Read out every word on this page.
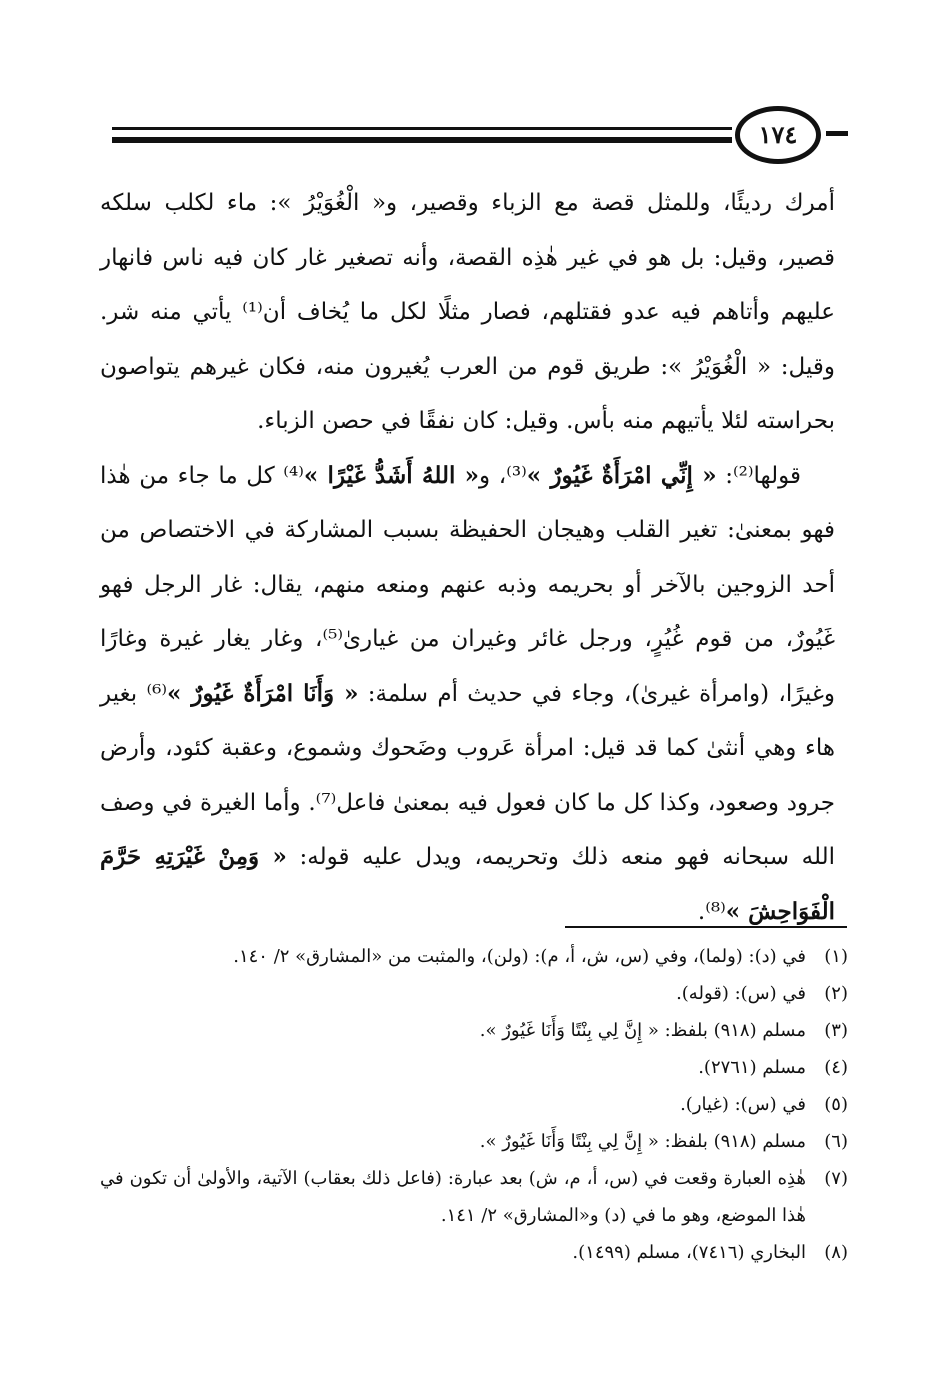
١٧٤

أمرك رديئًا، وللمثل قصة مع الزباء وقصير، و« الْغُوَيْرُ »: ماء لكلب سلكه قصير، وقيل: بل هو في غير هٰذِه القصة، وأنه تصغير غار كان فيه ناس فانهار عليهم وأتاهم فيه عدو فقتلهم، فصار مثلًا لكل ما يُخاف أن⁽¹⁾ يأتي منه شر. وقيل: « الْغُوَيْرُ »: طريق قوم من العرب يُغيرون منه، فكان غيرهم يتواصون بحراسته لئلا يأتيهم منه بأس. وقيل: كان نفقًا في حصن الزباء.

قولها⁽²⁾: « إِنِّي امْرَأَةٌ غَيُورٌ »⁽³⁾، و« اللهُ أَشَدُّ غَيْرًا »⁽⁴⁾ كل ما جاء من هٰذا فهو بمعنىٰ: تغير القلب وهيجان الحفيظة بسبب المشاركة في الاختصاص من أحد الزوجين بالآخر أو بحريمه وذبه عنهم ومنعه منهم، يقال: غار الرجل فهو غَيُورٌ، من قوم غُيُرٍ، ورجل غائر وغيران من غيارىٰ⁽⁵⁾، وغار يغار غيرة وغارًا وغيرًا، (وامرأة غيرىٰ)، وجاء في حديث أم سلمة: « وَأَنَا امْرَأَةٌ غَيُورٌ »⁽⁶⁾ بغير هاء وهي أنثىٰ كما قد قيل: امرأة عَروب وضَحوك وشموع، وعقبة كئود، وأرض جرود وصعود، وكذا كل ما كان فعول فيه بمعنىٰ فاعل⁽⁷⁾. وأما الغيرة في وصف الله سبحانه فهو منعه ذلك وتحريمه، ويدل عليه قوله: « وَمِنْ غَيْرَتِهِ حَرَّمَ الْفَوَاحِشَ »⁽⁸⁾.

(١)
في (د): (ولما)، وفي (س، ش، أ، م): (ولن)، والمثبت من «المشارق» ٢/ ١٤٠.
(٢)
في (س): (قوله).
(٣)
مسلم (٩١٨) بلفظ: « إِنَّ لِي بِنْتًا وَأَنَا غَيُورٌ ».
(٤)
مسلم (٢٧٦١).
(٥)
في (س): (غيار).
(٦)
مسلم (٩١٨) بلفظ: « إِنَّ لِي بِنْتًا وَأَنَا غَيُورٌ ».
(٧)
هٰذِه العبارة وقعت في (س، أ، م، ش) بعد عبارة: (فاعل ذلك بعقاب) الآتية، والأولىٰ أن تكون في هٰذا الموضع، وهو ما في (د) و«المشارق» ٢/ ١٤١.
(٨)
البخاري (٧٤١٦)، مسلم (١٤٩٩).
